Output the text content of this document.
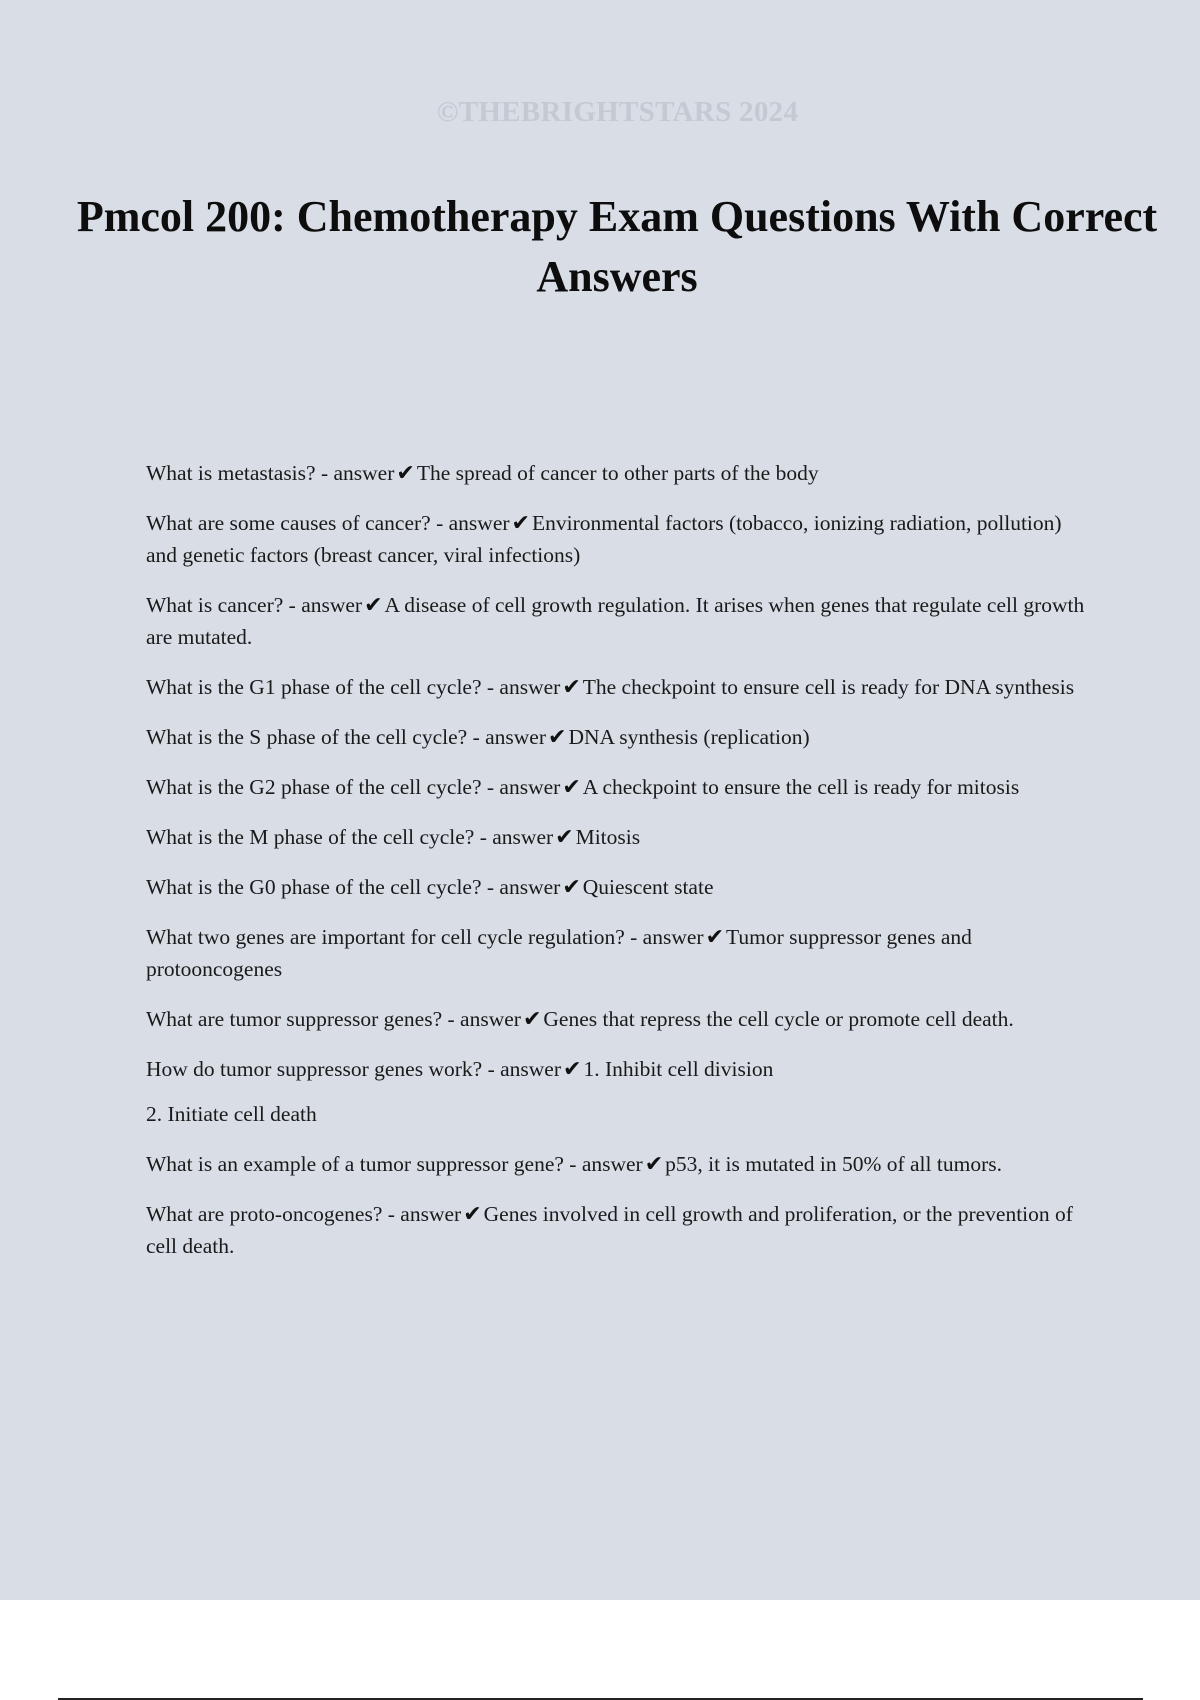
©THEBRIGHTSTARS 2024
Pmcol 200: Chemotherapy Exam Questions With Correct Answers
What is metastasis? - answer✔The spread of cancer to other parts of the body
What are some causes of cancer? - answer✔Environmental factors (tobacco, ionizing radiation, pollution) and genetic factors (breast cancer, viral infections)
What is cancer? - answer✔A disease of cell growth regulation. It arises when genes that regulate cell growth are mutated.
What is the G1 phase of the cell cycle? - answer✔The checkpoint to ensure cell is ready for DNA synthesis
What is the S phase of the cell cycle? - answer✔DNA synthesis (replication)
What is the G2 phase of the cell cycle? - answer✔A checkpoint to ensure the cell is ready for mitosis
What is the M phase of the cell cycle? - answer✔Mitosis
What is the G0 phase of the cell cycle? - answer✔Quiescent state
What two genes are important for cell cycle regulation? - answer✔Tumor suppressor genes and protooncogenes
What are tumor suppressor genes? - answer✔Genes that repress the cell cycle or promote cell death.
How do tumor suppressor genes work? - answer✔1. Inhibit cell division
2. Initiate cell death
What is an example of a tumor suppressor gene? - answer✔p53, it is mutated in 50% of all tumors.
What are proto-oncogenes? - answer✔Genes involved in cell growth and proliferation, or the prevention of cell death.
